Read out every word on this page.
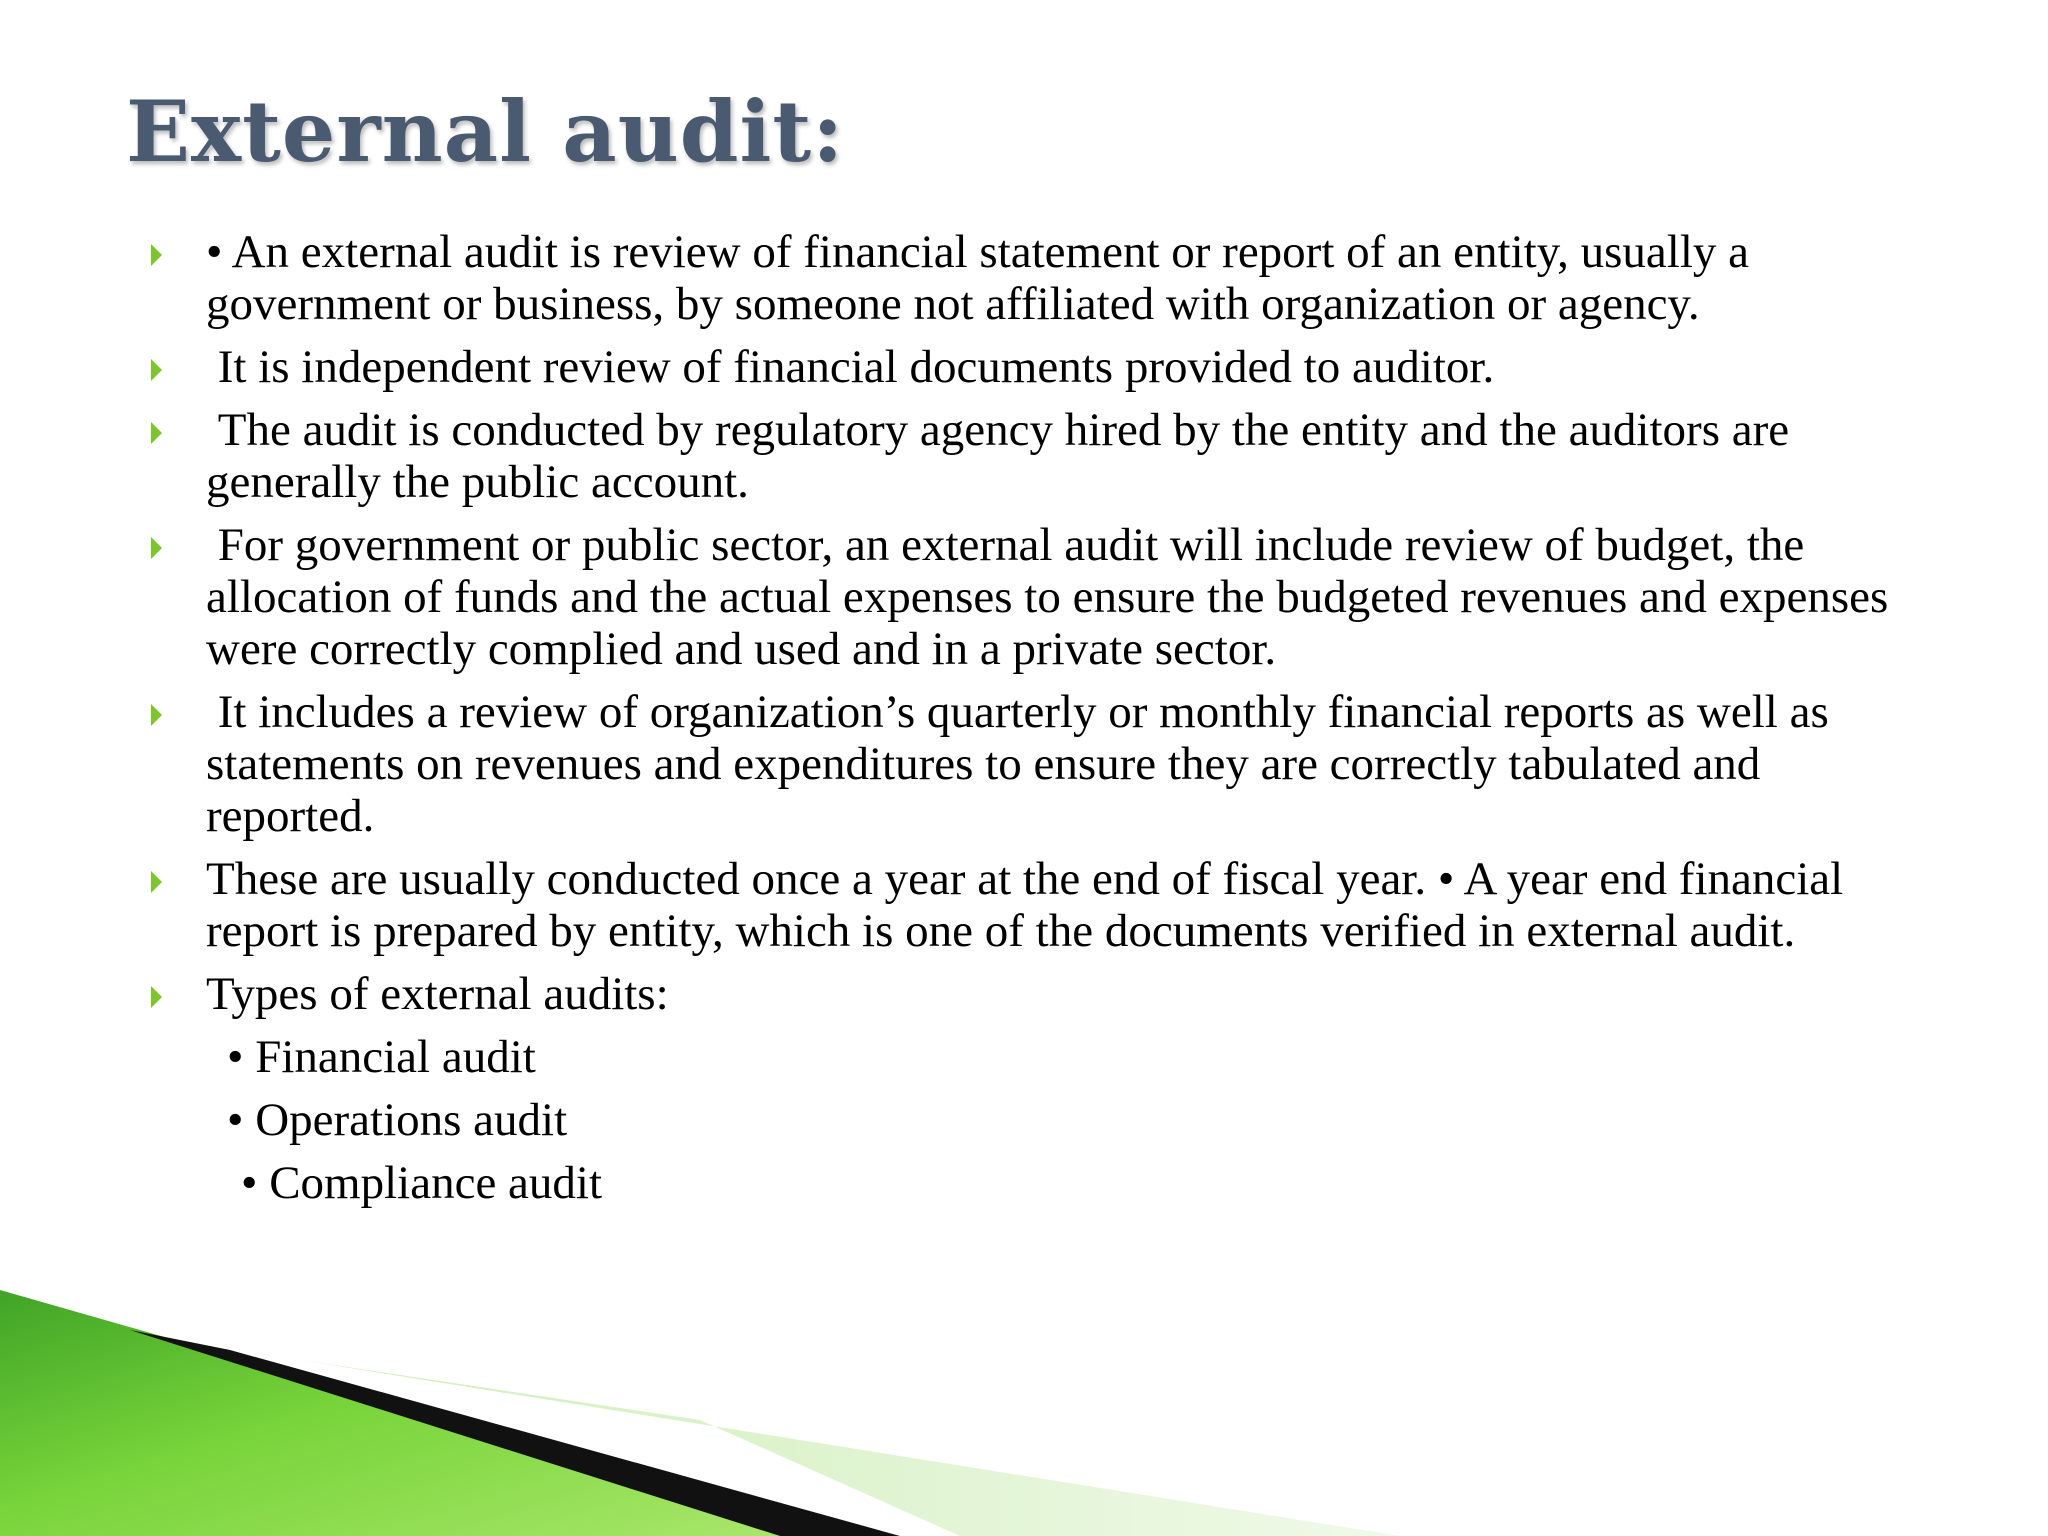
External audit:
• An external audit is review of financial statement or report of an entity, usually a government or business, by someone not affiliated with organization or agency.
It is independent review of financial documents provided to auditor.
The audit is conducted by regulatory agency hired by the entity and the auditors are generally the public account.
For government or public sector, an external audit will include review of budget, the allocation of funds and the actual expenses to ensure the budgeted revenues and expenses were correctly complied and used and in a private sector.
It includes a review of organization’s quarterly or monthly financial reports as well as statements on revenues and expenditures to ensure they are correctly tabulated and reported.
These are usually conducted once a year at the end of fiscal year. • A year end financial report is prepared by entity, which is one of the documents verified in external audit.
Types of external audits:
• Financial audit
• Operations audit
• Compliance audit
